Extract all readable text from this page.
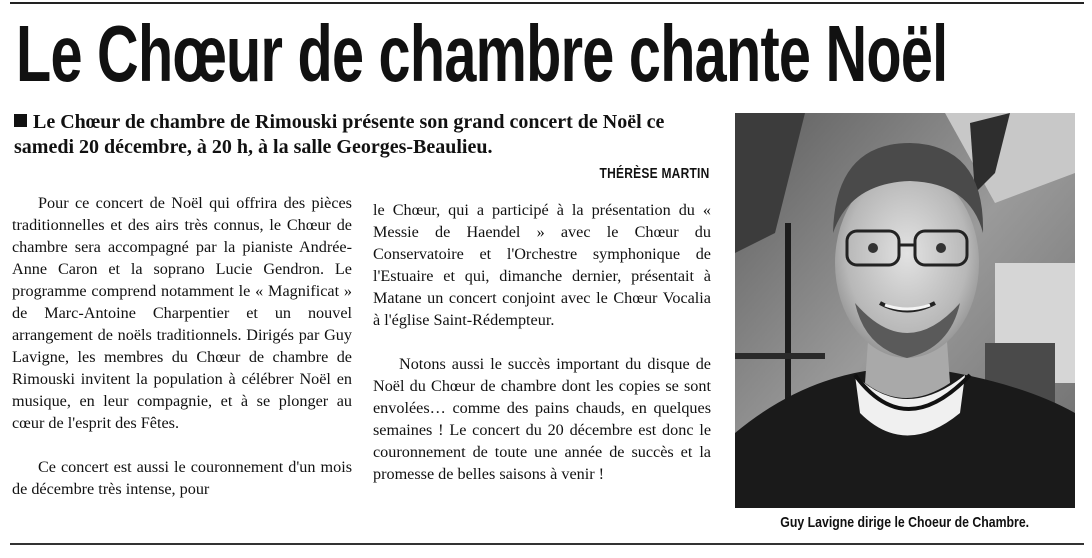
Le Chœur de chambre chante Noël

Le Chœur de chambre de Rimouski présente son grand concert de Noël ce samedi 20 décembre, à 20 h, à la salle Georges-Beaulieu.

THÉRÈSE MARTIN

Pour ce concert de Noël qui offrira des pièces traditionnelles et des airs très connus, le Chœur de chambre sera accompagné par la pianiste Andrée-Anne Caron et la soprano Lucie Gendron. Le programme comprend notamment le « Magnificat » de Marc-Antoine Charpentier et un nouvel arrangement de noëls traditionnels. Dirigés par Guy Lavigne, les membres du Chœur de chambre de Rimouski invitent la population à célébrer Noël en musique, en leur compagnie, et à se plonger au cœur de l'esprit des Fêtes.

Ce concert est aussi le couronnement d'un mois de décembre très intense, pour

le Chœur, qui a participé à la présentation du « Messie de Haendel » avec le Chœur du Conservatoire et l'Orchestre symphonique de l'Estuaire et qui, dimanche dernier, présentait à Matane un concert conjoint avec le Chœur Vocalia à l'église Saint-Rédempteur.

Notons aussi le succès important du disque de Noël du Chœur de chambre dont les copies se sont envolées… comme des pains chauds, en quelques semaines ! Le concert du 20 décembre est donc le couronnement de toute une année de succès et la promesse de belles saisons à venir !

Guy Lavigne dirige le Choeur de Chambre.
